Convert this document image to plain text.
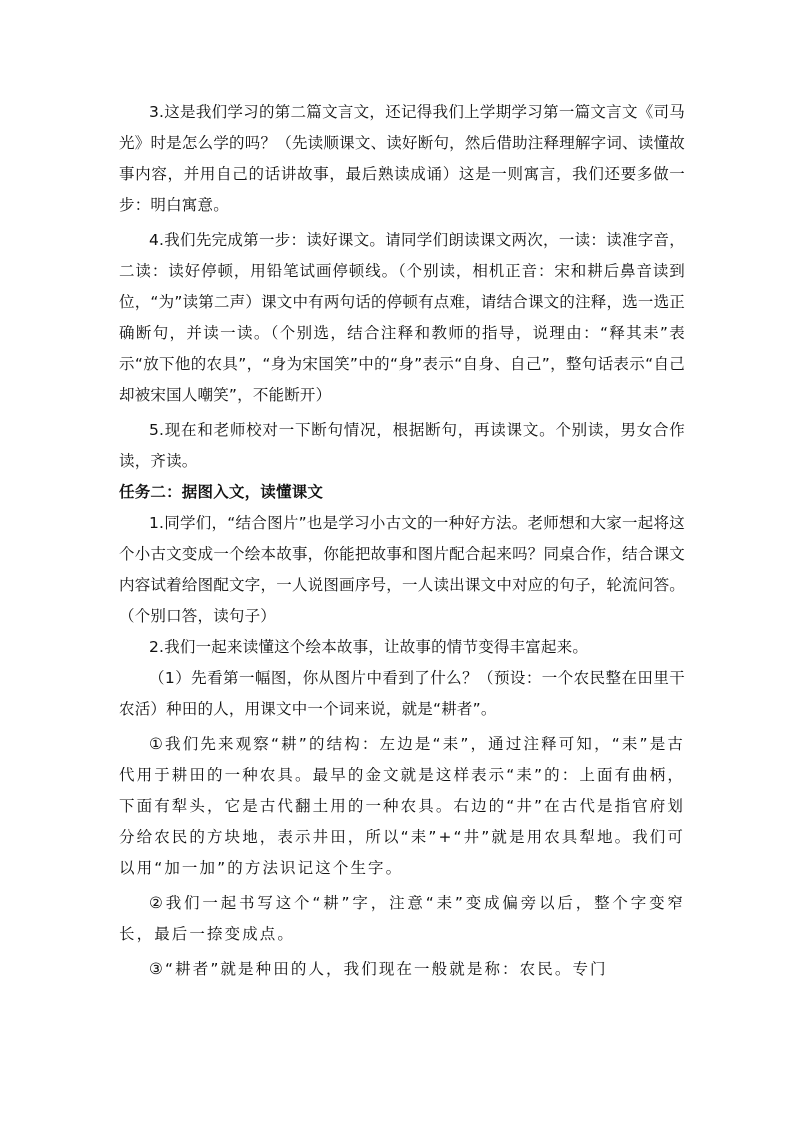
3.这是我们学习的第二篇文言文，还记得我们上学期学习第一篇文言文《司马光》时是怎么学的吗？（先读顺课文、读好断句，然后借助注释理解字词、读懂故事内容，并用自己的话讲故事，最后熟读成诵）这是一则寓言，我们还要多做一步：明白寓意。

4.我们先完成第一步：读好课文。请同学们朗读课文两次，一读：读准字音，二读：读好停顿，用铅笔试画停顿线。（个别读，相机正音：宋和耕后鼻音读到位，“为”读第二声）课文中有两句话的停顿有点难，请结合课文的注释，选一选正确断句，并读一读。（个别选，结合注释和教师的指导，说理由：“释其耒”表示“放下他的农具”，“身为宋国笑”中的“身”表示“自身、自己”，整句话表示“自己却被宋国人嘲笑”，不能断开）

5.现在和老师校对一下断句情况，根据断句，再读课文。个别读，男女合作读，齐读。

任务二：据图入文，读懂课文

1.同学们，“结合图片”也是学习小古文的一种好方法。老师想和大家一起将这个小古文变成一个绘本故事，你能把故事和图片配合起来吗？同桌合作，结合课文内容试着给图配文字，一人说图画序号，一人读出课文中对应的句子，轮流问答。（个别口答，读句子）

2.我们一起来读懂这个绘本故事，让故事的情节变得丰富起来。

（1）先看第一幅图，你从图片中看到了什么？（预设：一个农民整在田里干农活）种田的人，用课文中一个词来说，就是“耕者”。

①我们先来观察“耕”的结构：左边是“耒”，通过注释可知，“耒”是古代用于耕田的一种农具。最早的金文就是这样表示“耒”的：上面有曲柄，下面有犁头，它是古代翻土用的一种农具。右边的“井”在古代是指官府划分给农民的方块地，表示井田，所以“耒”+“井”就是用农具犁地。我们可以用“加一加”的方法识记这个生字。

②我们一起书写这个“耕”字，注意“耒”变成偏旁以后，整个字变窄长，最后一捺变成点。

③“耕者”就是种田的人，我们现在一般就是称：农民。专门
